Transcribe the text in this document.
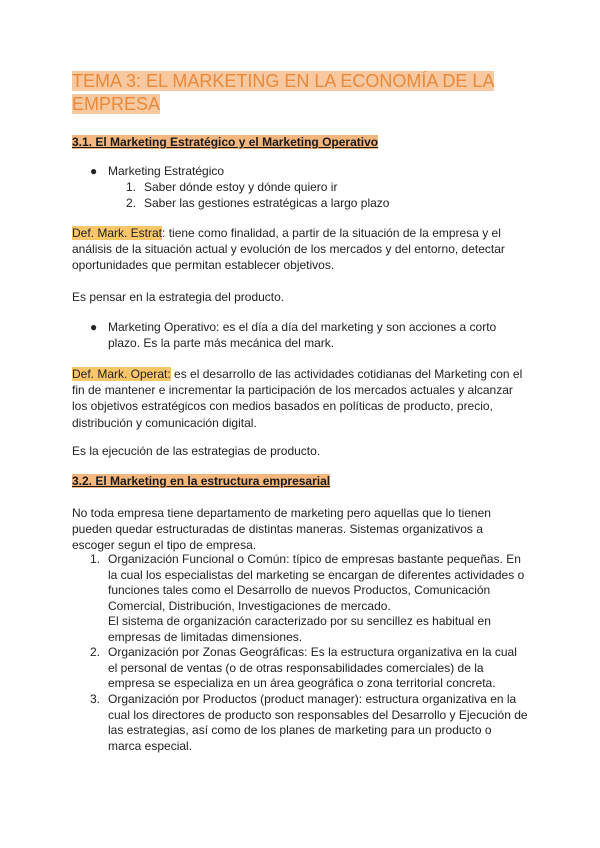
TEMA 3: EL MARKETING EN LA ECONOMÍA DE LA EMPRESA
3.1. El Marketing Estratégico y el Marketing Operativo

● Marketing Estratégico

1. Saber dónde estoy y dónde quiero ir

2. Saber las gestiones estratégicas a largo plazo

Def. Mark. Estrat: tiene como finalidad, a partir de la situación de la empresa y el análisis de la situación actual y evolución de los mercados y del entorno, detectar oportunidades que permitan establecer objetivos.

Es pensar en la estrategia del producto.

● Marketing Operativo: es el día a día del marketing y son acciones a corto plazo. Es la parte más mecánica del mark.

Def. Mark. Operat: es el desarrollo de las actividades cotidianas del Marketing con el fin de mantener e incrementar la participación de los mercados actuales y alcanzar los objetivos estratégicos con medios basados en políticas de producto, precio, distribución y comunicación digital.

Es la ejecución de las estrategias de producto.

3.2. El Marketing en la estructura empresarial

No toda empresa tiene departamento de marketing pero aquellas que lo tienen pueden quedar estructuradas de distintas maneras. Sistemas organizativos a escoger segun el tipo de empresa.

1. Organización Funcional o Común: típico de empresas bastante pequeñas. En la cual los especialistas del marketing se encargan de diferentes actividades o funciones tales como el Desarrollo de nuevos Productos, Comunicación Comercial, Distribución, Investigaciones de mercado.
El sistema de organización caracterizado por su sencillez es habitual en empresas de limitadas dimensiones.
2. Organización por Zonas Geográficas: Es la estructura organizativa en la cual el personal de ventas (o de otras responsabilidades comerciales) de la empresa se especializa en un área geográfica o zona territorial concreta.
3. Organización por Productos (product manager): estructura organizativa en la cual los directores de producto son responsables del Desarrollo y Ejecución de las estrategias, así como de los planes de marketing para un producto o marca especial.
